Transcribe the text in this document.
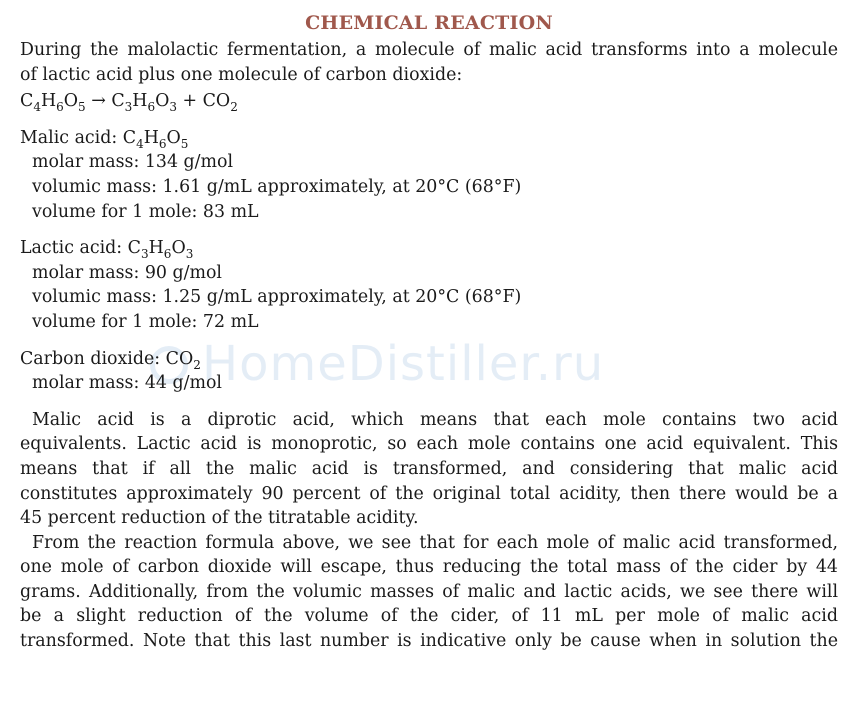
HomeDistiller.ru
CHEMICAL REACTION

During the malolactic fermentation, a molecule of malic acid transforms into a molecule

of lactic acid plus one molecule of carbon dioxide:

$C_4H_6O_5 \to C_3H_6O_3 + CO_2$

Malic acid: $C_4H_6O_5$

molar mass: 134 g/mol

volumic mass: 1.61 g/mL approximately, at 20°C (68°F)

volume for 1 mole: 83 mL

Lactic acid: $C_3H_6O_3$

molar mass: 90 g/mol

volumic mass: 1.25 g/mL approximately, at 20°C (68°F)

volume for 1 mole: 72 mL

Carbon dioxide: $CO_2$

molar mass: 44 g/mol

Malic acid is a diprotic acid, which means that each mole contains two acid

equivalents. Lactic acid is monoprotic, so each mole contains one acid equivalent. This

means that if all the malic acid is transformed, and considering that malic acid

constitutes approximately 90 percent of the original total acidity, then there would be a

45 percent reduction of the titratable acidity.

From the reaction formula above, we see that for each mole of malic acid transformed,

one mole of carbon dioxide will escape, thus reducing the total mass of the cider by 44

grams. Additionally, from the volumic masses of malic and lactic acids, we see there will

be a slight reduction of the volume of the cider, of 11 mL per mole of malic acid

transformed. Note that this last number is indicative only be cause when in solution the
